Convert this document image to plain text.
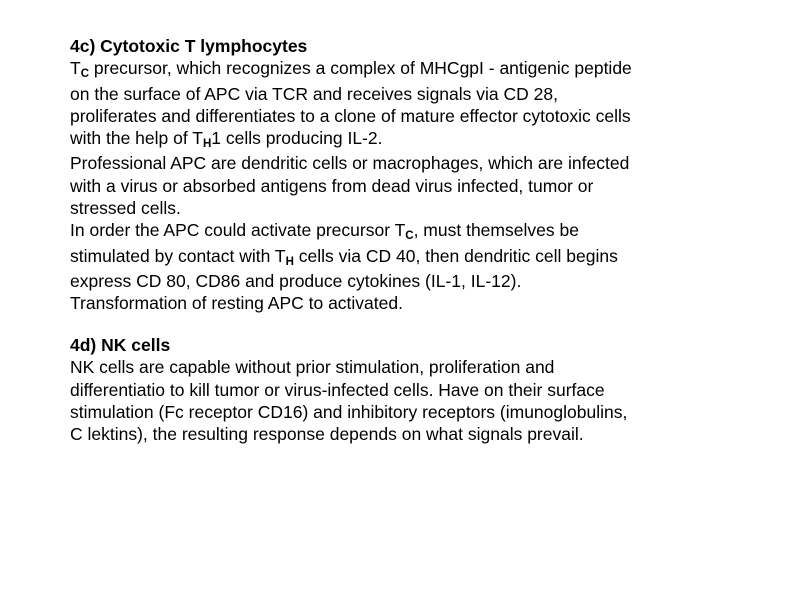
4c) Cytotoxic T lymphocytes
TC precursor, which recognizes a complex of MHCgpI - antigenic peptide
on the surface of APC via TCR and receives signals via CD 28,
proliferates and differentiates to a clone of mature effector cytotoxic cells
with the help of TH1 cells producing IL-2.
Professional APC are dendritic cells or macrophages, which are infected
with a virus or absorbed antigens from dead virus infected, tumor or
stressed cells.
In order the APC could activate precursor TC, must themselves be
stimulated by contact with TH cells via CD 40, then dendritic cell begins
express CD 80, CD86 and produce cytokines (IL-1, IL-12).
Transformation of resting APC to activated.
4d) NK cells
NK cells are capable without prior stimulation, proliferation and
differentiatio to kill tumor or virus-infected cells. Have on their surface
stimulation (Fc receptor CD16) and inhibitory receptors (imunoglobulins,
C lektins), the resulting response depends on what signals prevail.
